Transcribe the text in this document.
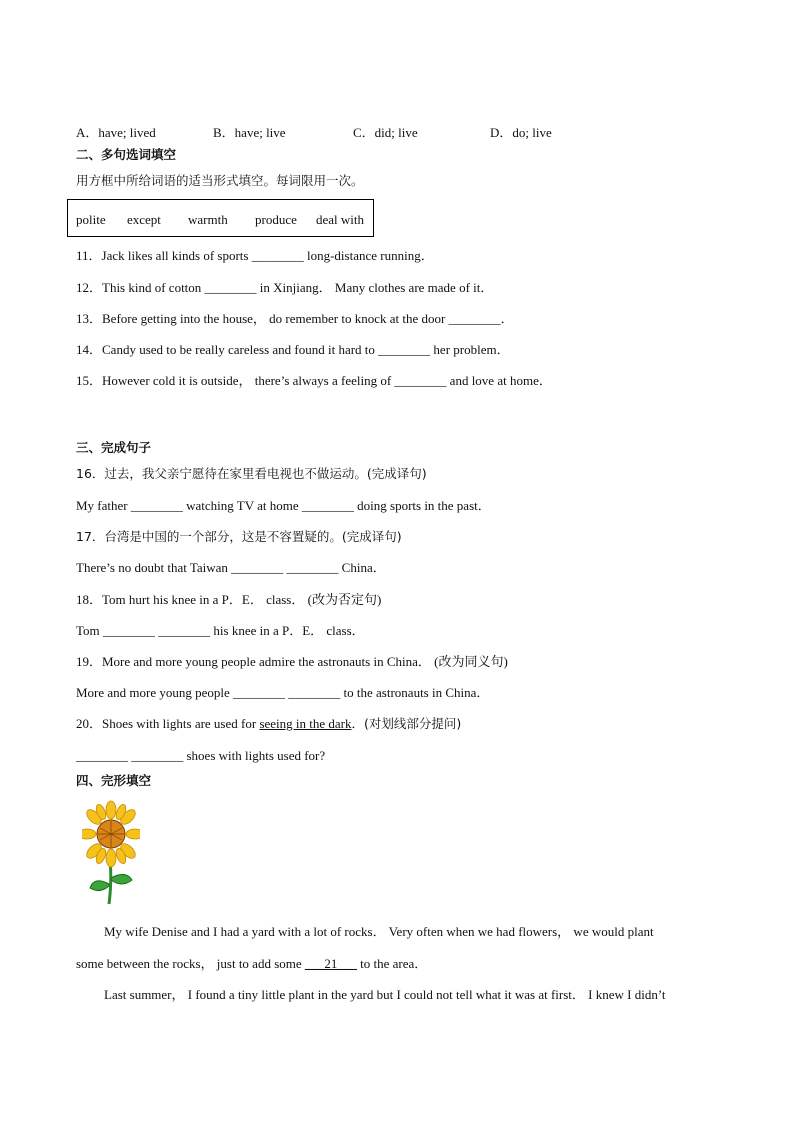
A．have; lived	B．have; live	C．did; live	D．do; live
二、多句选词填空
用方框中所给词语的适当形式填空。每词限用一次。
polite except warmth produce deal with
11．Jack likes all kinds of sports ________ long-distance running．
12．This kind of cotton ________ in Xinjiang． Many clothes are made of it．
13．Before getting into the house， do remember to knock at the door ________．
14．Candy used to be really careless and found it hard to ________ her problem．
15．However cold it is outside， there’s always a feeling of ________ and love at home．
三、完成句子
16．过去，我父亲宁愿待在家里看电视也不做运动。(完成译句)
My father ________ watching TV at home ________ doing sports in the past．
17．台湾是中国的一个部分，这是不容置疑的。(完成译句)
There’s no doubt that Taiwan ________ ________ China．
18．Tom hurt his knee in a P．E． class． (改为否定句)
Tom ________ ________ his knee in a P．E． class．
19．More and more young people admire the astronauts in China． (改为同义句)
More and more young people ________ ________ to the astronauts in China．
20．Shoes with lights are used for seeing in the dark．(对划线部分提问)
________ ________ shoes with lights used for?
四、完形填空
My wife Denise and I had a yard with a lot of rocks． Very often when we had flowers， we would plant
some between the rocks， just to add some ___21___ to the area．
Last summer， I found a tiny little plant in the yard but I could not tell what it was at first． I knew I didn’t
